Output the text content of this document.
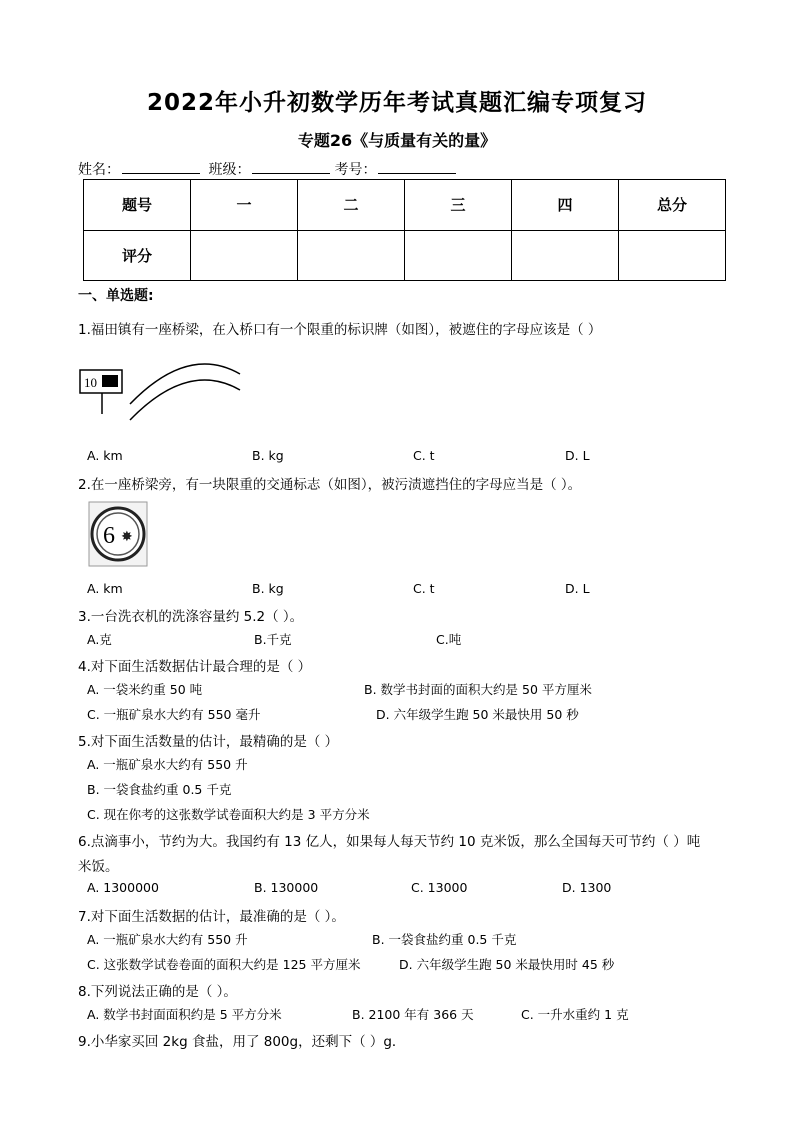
2022年小升初数学历年考试真题汇编专项复习
专题26《与质量有关的量》
姓名：	班级：	考号：
题号	一	二	三	四	总分
评分					
一、单选题:
1.福田镇有一座桥梁，在入桥口有一个限重的标识牌（如图），被遮住的字母应该是（ ）
10
A. km	B. kg	C. t	D. L
2.在一座桥梁旁，有一块限重的交通标志（如图），被污渍遮挡住的字母应当是（ ）。
6 ✸
A. km	B. kg	C. t	D. L
3.一台洗衣机的洗涤容量约 5.2（ ）。
A.克	B.千克	C.吨
4.对下面生活数据估计最合理的是（ ）
A. 一袋米约重 50 吨	B. 数学书封面的面积大约是 50 平方厘米
C. 一瓶矿泉水大约有 550 毫升	D. 六年级学生跑 50 米最快用 50 秒
5.对下面生活数量的估计，最精确的是（ ）
A. 一瓶矿泉水大约有 550 升
B. 一袋食盐约重 0.5 千克
C. 现在你考的这张数学试卷面积大约是 3 平方分米
6.点滴事小，节约为大。我国约有 13 亿人，如果每人每天节约 10 克米饭，那么全国每天可节约（ ）吨
米饭。
A. 1300000	B. 130000	C. 13000	D. 1300
7.对下面生活数据的估计，最准确的是（ ）。
A. 一瓶矿泉水大约有 550 升	B. 一袋食盐约重 0.5 千克
C. 这张数学试卷卷面的面积大约是 125 平方厘米	D. 六年级学生跑 50 米最快用时 45 秒
8.下列说法正确的是（ ）。
A. 数学书封面面积约是 5 平方分米	B. 2100 年有 366 天	C. 一升水重约 1 克
9.小华家买回 2kg 食盐，用了 800g，还剩下（ ）g．
